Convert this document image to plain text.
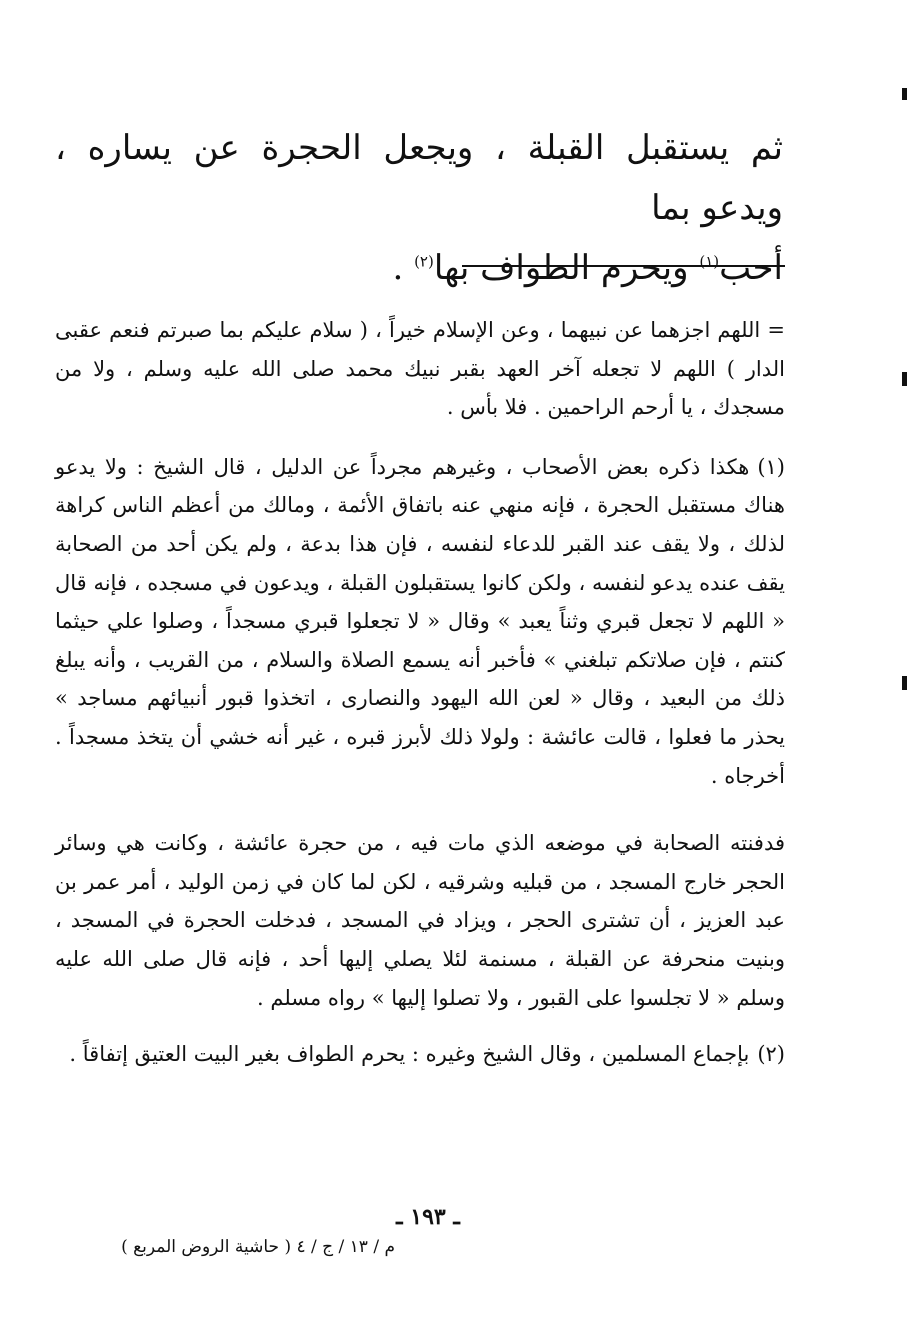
ثم يستقبل القبلة ، ويجعل الحجرة عن يساره ، ويدعو بما
أحب$^{(١)}$ ويحرم الطواف بها$^{(٢)}$ .

= اللهم اجزهما عن نبيهما ، وعن الإسلام خيراً ، ( سلام عليكم بما صبرتم فنعم عقبى الدار ) اللهم لا تجعله آخر العهد بقبر نبيك محمد صلى الله عليه وسلم ، ولا من مسجدك ، يا أرحم الراحمين . فلا بأس .

(١)هكذا ذكره بعض الأصحاب ، وغيرهم مجرداً عن الدليل ، قال الشيخ : ولا يدعو هناك مستقبل الحجرة ، فإنه منهي عنه باتفاق الأئمة ، ومالك من أعظم الناس كراهة لذلك ، ولا يقف عند القبر للدعاء لنفسه ، فإن هذا بدعة ، ولم يكن أحد من الصحابة يقف عنده يدعو لنفسه ، ولكن كانوا يستقبلون القبلة ، ويدعون في مسجده ، فإنه قال « اللهم لا تجعل قبري وثناً يعبد » وقال « لا تجعلوا قبري مسجداً ، وصلوا علي حيثما كنتم ، فإن صلاتكم تبلغني » فأخبر أنه يسمع الصلاة والسلام ، من القريب ، وأنه يبلغ ذلك من البعيد ، وقال « لعن الله اليهود والنصارى ، اتخذوا قبور أنبيائهم مساجد » يحذر ما فعلوا ، قالت عائشة : ولولا ذلك لأبرز قبره ، غير أنه خشي أن يتخذ مسجداً . أخرجاه .

فدفنته الصحابة في موضعه الذي مات فيه ، من حجرة عائشة ، وكانت هي وسائر الحجر خارج المسجد ، من قبليه وشرقيه ، لكن لما كان في زمن الوليد ، أمر عمر بن عبد العزيز ، أن تشترى الحجر ، ويزاد في المسجد ، فدخلت الحجرة في المسجد ، وبنيت منحرفة عن القبلة ، مسنمة لئلا يصلي إليها أحد ، فإنه قال صلى الله عليه وسلم « لا تجلسوا على القبور ، ولا تصلوا إليها » رواه مسلم .

(٢)بإجماع المسلمين ، وقال الشيخ وغيره : يحرم الطواف بغير البيت العتيق إتفاقاً .

ـ ١٩٣ ـ
م / ١٣ / ج / ٤ ( حاشية الروض المربع )
